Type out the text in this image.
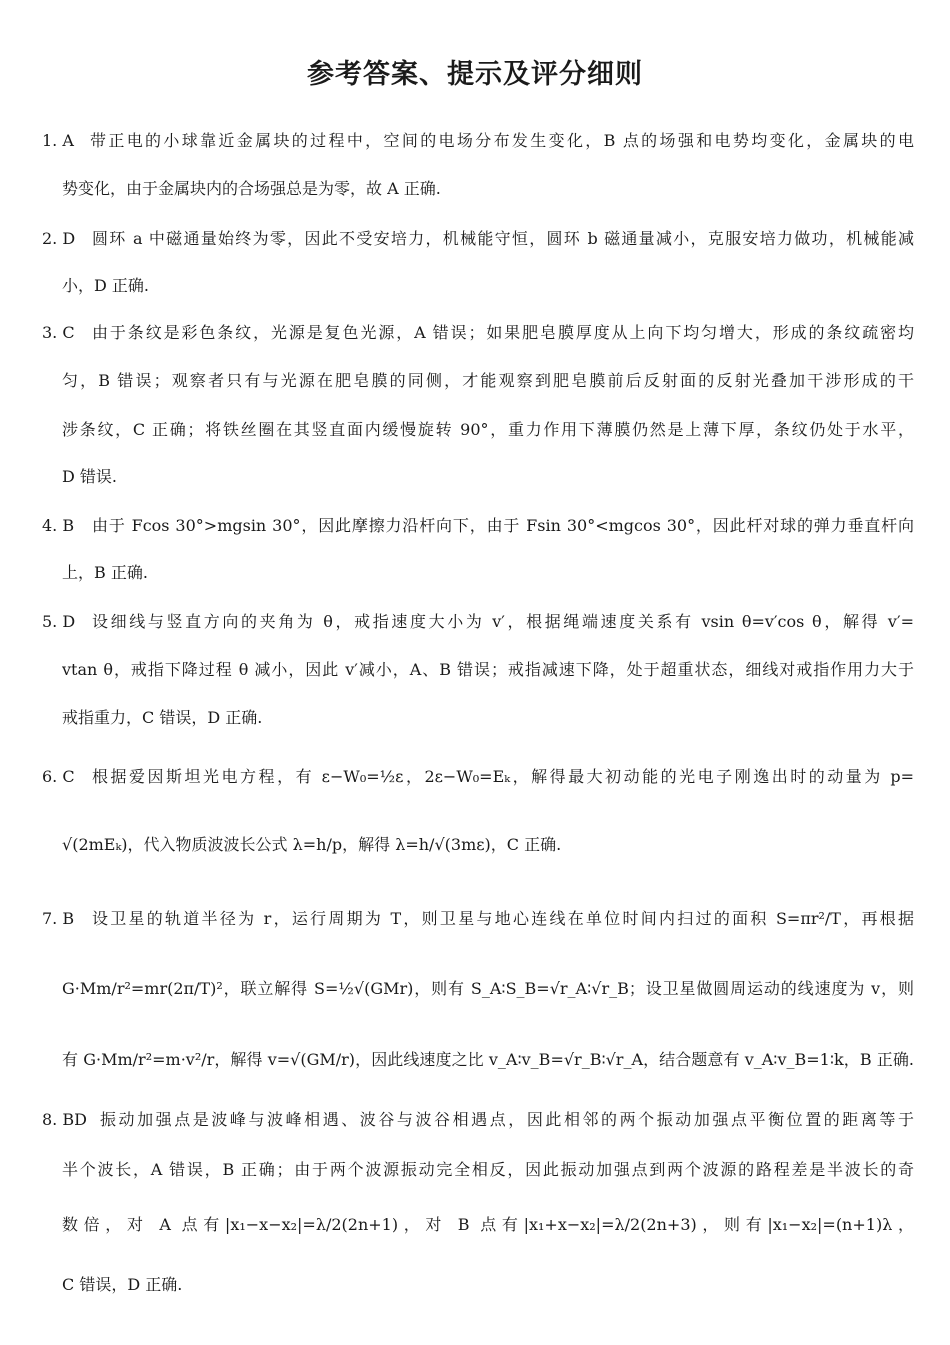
参考答案、提示及评分细则
1. A 带正电的小球靠近金属块的过程中，空间的电场分布发生变化，B 点的场强和电势均变化，金属块的电
势变化，由于金属块内的合场强总是为零，故 A 正确.
2. D 圆环 a 中磁通量始终为零，因此不受安培力，机械能守恒，圆环 b 磁通量减小，克服安培力做功，机械能减
小，D 正确.
3. C 由于条纹是彩色条纹，光源是复色光源，A 错误；如果肥皂膜厚度从上向下均匀增大，形成的条纹疏密均
匀，B 错误；观察者只有与光源在肥皂膜的同侧，才能观察到肥皂膜前后反射面的反射光叠加干涉形成的干
涉条纹，C 正确；将铁丝圈在其竖直面内缓慢旋转 90°，重力作用下薄膜仍然是上薄下厚，条纹仍处于水平，
D 错误.
4. B 由于 Fcos 30°>mgsin 30°，因此摩擦力沿杆向下，由于 Fsin 30°<mgcos 30°，因此杆对球的弹力垂直杆向
上，B 正确.
5. D 设细线与竖直方向的夹角为 θ，戒指速度大小为 v′，根据绳端速度关系有 vsin θ=v′cos θ，解得 v′=
vtan θ，戒指下降过程 θ 减小，因此 v′减小，A、B 错误；戒指减速下降，处于超重状态，细线对戒指作用力大于
戒指重力，C 错误，D 正确.
6. C 根据爱因斯坦光电方程，有 ε−W₀=½ε，2ε−W₀=Eₖ，解得最大初动能的光电子刚逸出时的动量为 p=
√(2mEₖ)，代入物质波波长公式 λ=h/p，解得 λ=h/√(3mε)，C 正确.
7. B 设卫星的轨道半径为 r，运行周期为 T，则卫星与地心连线在单位时间内扫过的面积 S=πr²/T，再根据
G·Mm/r²=mr(2π/T)²，联立解得 S=½√(GMr)，则有 S_A∶S_B=√r_A∶√r_B；设卫星做圆周运动的线速度为 v，则
有 G·Mm/r²=m·v²/r，解得 v=√(GM/r)，因此线速度之比 v_A∶v_B=√r_B∶√r_A，结合题意有 v_A∶v_B=1∶k，B 正确.
8. BD 振动加强点是波峰与波峰相遇、波谷与波谷相遇点，因此相邻的两个振动加强点平衡位置的距离等于
半个波长，A 错误，B 正确；由于两个波源振动完全相反，因此振动加强点到两个波源的路程差是半波长的奇
数倍，对 A 点有|x₁−x−x₂|=λ/2(2n+1)，对 B 点有|x₁+x−x₂|=λ/2(2n+3)，则有|x₁−x₂|=(n+1)λ，
C 错误，D 正确.
